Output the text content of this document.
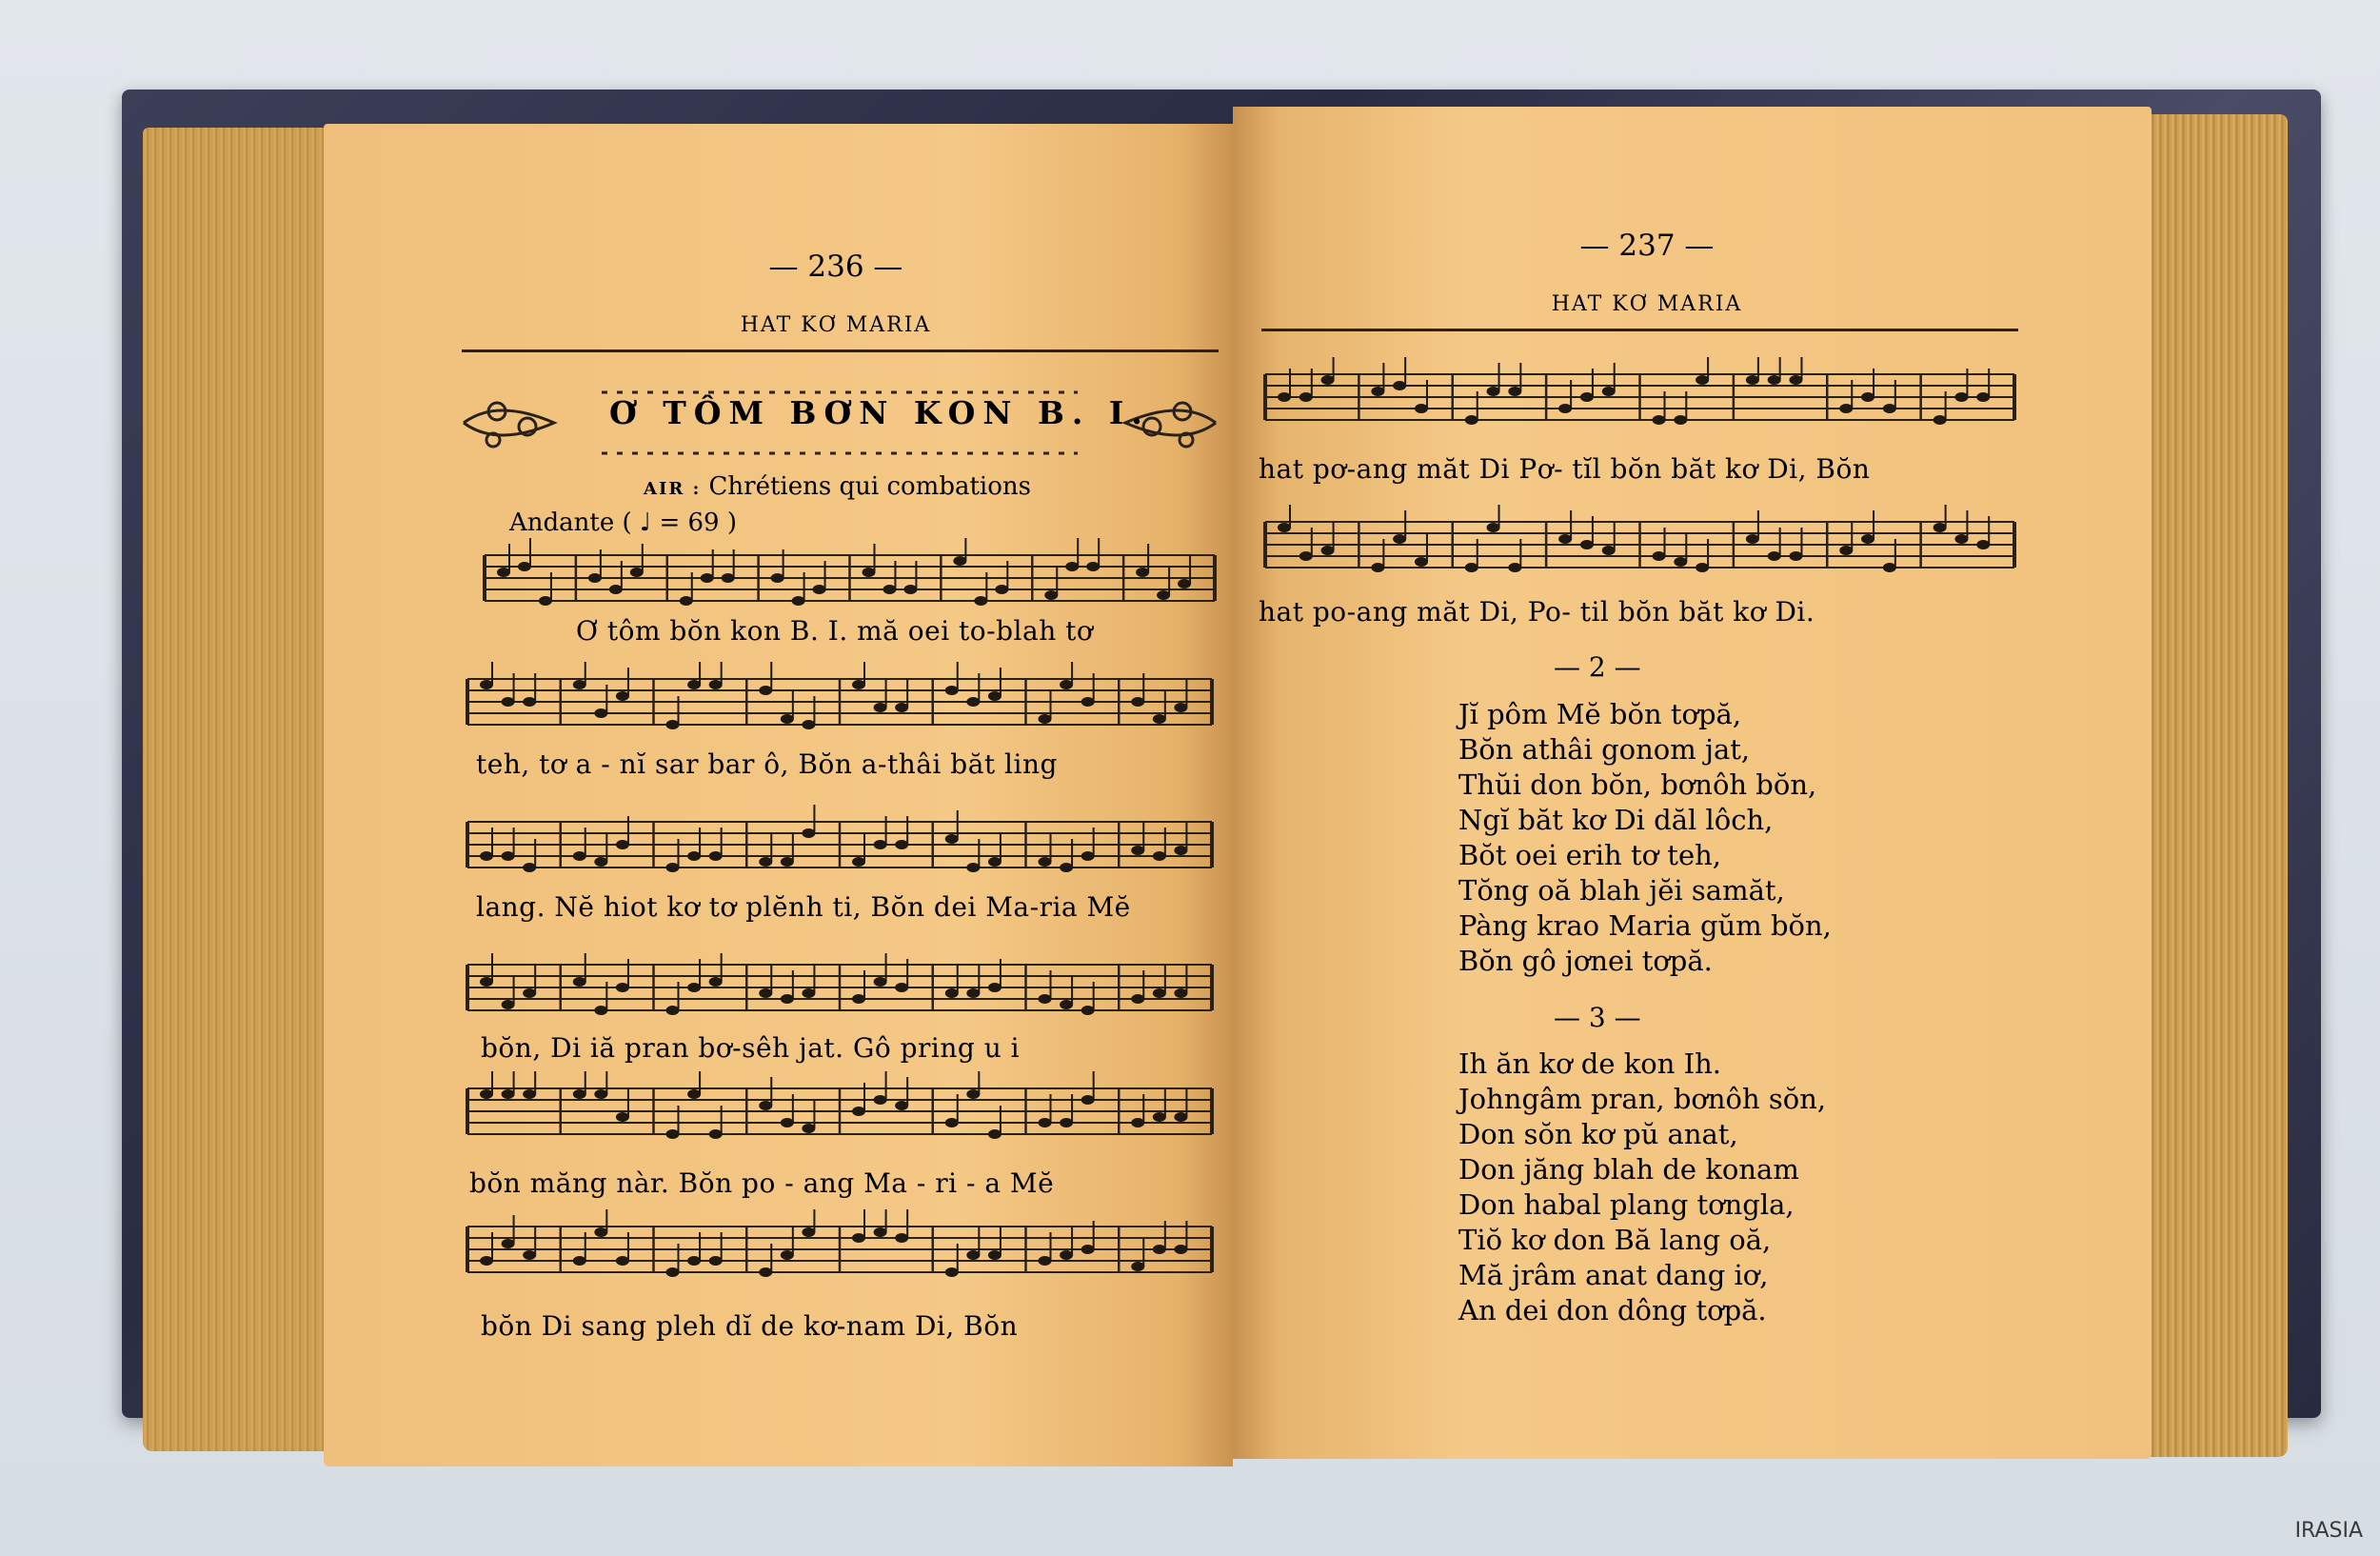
— 236 —
HAT KƠ MARIA
Ơ TÔM BƠN KON B. I.
AIR : Chrétiens qui combations
Andante ( ♩ = 69 )
Ơ tôm bŏn kon B. I. mă oei to-blah tơ
teh, tơ a - nĭ sar bar ô, Bŏn a-thâi băt ling
lang. Nĕ hiot kơ tơ plĕnh ti, Bŏn dei Ma-ria Mĕ
bŏn, Di iă pran bơ-sêh jat. Gô pring u i
bŏn măng nàr. Bŏn po - ang Ma - ri - a Mĕ
bŏn Di sang pleh dĭ de kơ-nam Di, Bŏn
— 237 —
HAT KƠ MARIA
hat pơ-ang măt Di Pơ- tĭl bŏn băt kơ Di, Bŏn
hat po-ang măt Di, Po- til bŏn băt kơ Di.
— 2 —
Jĭ pôm Mĕ bŏn tơpă,
Bŏn athâi gonom jat,
Thŭi don bŏn, bơnôh bŏn,
Ngĭ băt kơ Di dăl lôch,
Bŏt oei erih tơ teh,
Tŏng oă blah jĕi samăt,
Pàng krao Maria gŭm bŏn,
Bŏn gô jơnei tơpă.
— 3 —
Ih ăn kơ de kon Ih.
Johngâm pran, bơnôh sŏn,
Don sŏn kơ pŭ anat,
Don jăng blah de konam
Don habal plang tơngla,
Tiŏ kơ don Bă lang oă,
Mă jrâm anat dang iơ,
An dei don dông tơpă.
IRASIA
